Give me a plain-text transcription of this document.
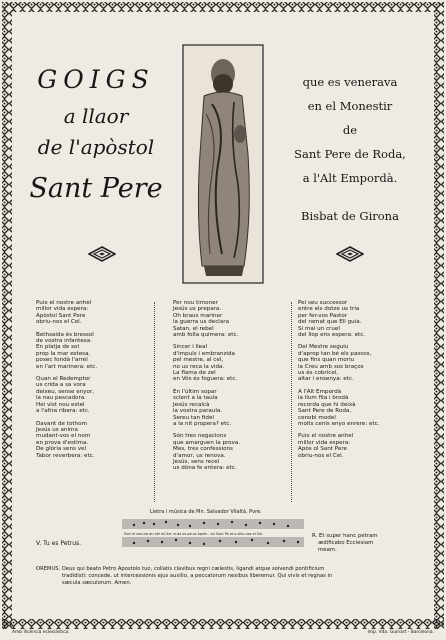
GOIGS
a llaor
de l'apòstol
Sant Pere
que es venerava
en el Monestir
de
Sant Pere de Roda,
a l'Alt Empordà.
Bisbat de Girona
Puix el nostre anhel
millor vida espera:
Apòstol Sant Pere
obriu-nos el Cel.
Bethsaida és bressol
de vostra infantesa.
En platja de sol
prop la mar estesa,
posec fondà l'arrel
en l'art marinera: etc.
Quan el Redemptor
us crida a sa vora
deixeu, sense enyor,
la nau pescadora.
Hei vist nou estel
a l'altra ribera: etc.
Davant de tothom
Jesús us anima
mudant-vos el nom
en prova d'estima.
De glòria sens vel
Tabor reverbera: etc.
Per nou timoner
Jesús us prepara.
Oh braus mariner
la guerra us declara
Satan, el rebel
amb folla quimera: etc.
Sincer i lleal
d'impuls i embranzida
pel mestre, al cel,
no us reca la vida.
La flama de zel
en Vós és foguera: etc.
En l'últim sopar
sclent a la taula
Jesús recalcà
la vostra paraula.
Sereu tan fidel
a la nit propera? etc.
Són tres negacions
que amarguen la prova.
Mes, tres confessions
d'amor, us renova.
Jesús, sens recel
us dóna fe entera: etc.
Pel seu successor
entre els dotze us tria
per fer-vos Pastor
del ramat que Ell guia.
Si mai un cruel
del llop ens espera: etc.
Del Mestre seguiu
d'aprop tan bé els passos,
que fins quan moriu
la Creu amb sos braços
us és cobricel,
altar i ensenya: etc.
A l'Alt Empordà
la llum fila i brodà
recorda que hi deixà
Sant Pere de Roda,
cenobi model
molts cenis enyo enrere: etc.
Puix el nostre anhel
millor vida espera:
Apòs ol Sant Pere
obriu-nos el Cel.
Lletra i música de Mn. Salvador Vilaltá, Pvre.
Puix el nos-tre an-hel mi-llor vi-da es-pe-ra Après - tol Sant Pe-re o-briu-nos el Cel.
V. Tu es Petrus.
R. Et super hanc petram
ædificabo Ecclesiam
meam.
OREMUS. Deus qui beato Petro Apostolo tuo, collatis clavibus regni cælestis, ligandi atque solvendi pontificium
tradidisti: concede, ut intercessionis ejus auxilio, a peccatorum nexibus liberemur. Qui vivis et regnas in
sæcula sæculorum. Amen.
Amb llicència eclesiàstica.	Imp. Vda. Guinart - Barcelona.
